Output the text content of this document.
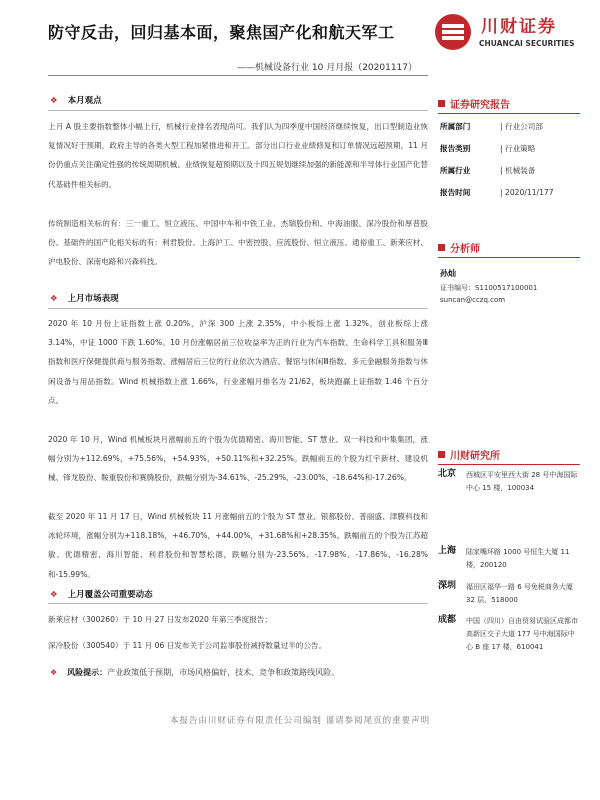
防守反击，回归基本面，聚焦国产化和航天军工
——机械设备行业 10 月月报（20201117）
川财证券
CHUANCAI SECURITIES
❖ 本月观点

上月 A 股主要指数整体小幅上行，机械行业排名表现尚可。我们认为四季度中国经济继续恢复，出口型制造业恢复情况好于预期，政府主导的各类大型工程加紧推进和开工。部分出口行业业绩修复和订单情况远超预期，11 月份仍重点关注确定性强的传统周期机械、业绩恢复超预期以及十四五规划继续加强的新能源和半导体行业国产化替代基础件相关标的。

传统制造相关标的有：三一重工、恒立液压、中国中车和中铁工业、杰瑞股份和、中海油服、深冷股份和厚普股份。基础件的国产化相关标的有：利君股份、上海沪工、中密控股、应流股份、恒立液压、通裕重工、新莱应材、沪电股份、深南电路和兴森科技。

❖ 上月市场表现

2020 年 10 月份上证指数上涨 0.20%，沪深 300 上涨 2.35%，中小板综上涨 1.32%，创业板综上涨 3.14%，中证 1000 下跌 1.60%。10 月份涨幅居前三位收益率为正的行业为汽车指数、生命科学工具和服务Ⅲ指数和医疗保健提供商与服务指数。涨幅居后三位的行业依次为酒店、餐馆与休闲Ⅲ指数、多元金融服务指数与休闲设备与用品指数。Wind 机械指数上涨 1.66%，行业涨幅月排名为 21/62，板块跑赢上证指数 1.46 个百分点。

2020 年 10 月，Wind 机械板块月涨幅前五的个股为优德精密、海川智能、ST 慧业、双一科技和中集集团，涨幅分别为+112.69%，+75.56%，+54.93%，+50.11%和+32.25%。跌幅前五的个股为红宇新材、建设机械、锋龙股份、鞍重股份和赛腾股份，跌幅分别为-34.61%、-25.29%、-23.00%、-18.64%和-17.26%。

截至 2020 年 11 月 17 日，Wind 机械板块 11 月涨幅前五的个股为 ST 慧业、银都股份、普丽盛、津膜科技和冰轮环境，涨幅分别为+118.18%，+46.70%，+44.00%，+31.68%和+28.35%。跌幅前五的个股为江苏超敏、优德精密、海川智能、利君股份和智慧松德，跌幅分别为-23.56%、-17.98%、-17.86%、-16.28% 和-15.99%。

❖ 上月覆盖公司重要动态

新莱应材（300260）于 10 月 27 日发布2020 年第三季度报告；

深冷股份（300540）于 11 月 06 日发布关于公司监事股份减持数量过半的公告。

❖ 风险提示：产业政策低于预期，市场风格偏好，技术、竞争和政策路线风险。
证券研究报告
所属部门	| 行业公司部
报告类别	| 行业策略
所属行业	| 机械装备
报告时间	| 2020/11/177
分析师
孙灿
证书编号：S1100517100001
suncan@cczq.com
川财研究所
北京 西城区平安里西大街 28 号中海国际中心 15 楼，100034

上海 陆家嘴环路 1000 号恒生大厦 11 楼，200120

深圳 福田区福华一路 6 号免税商务大厦 32 层，518000

成都 中国（四川）自由贸易试验区成都市高新区交子大道 177 号中海国际中心 B 座 17 楼，610041

本报告由川财证券有限责任公司编制 谨请参阅尾页的重要声明
